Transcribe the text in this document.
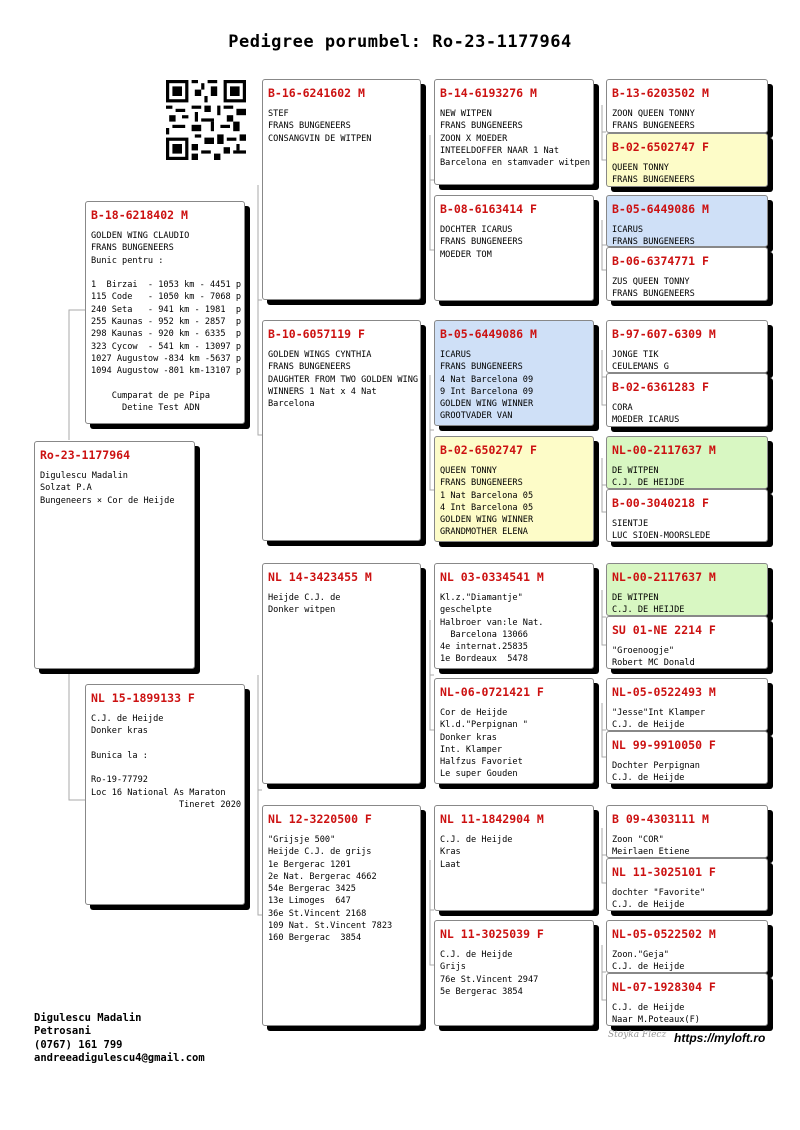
Pedigree porumbel: Ro-23-1177964
Ro-23-1177964
Digulescu Madalin
Solzat P.A
Bungeneers × Cor de Heijde
B-18-6218402 M
GOLDEN WING CLAUDIO
FRANS BUNGENEERS
Bunic pentru :

1  Birzai  - 1053 km - 4451 p
115 Code   - 1050 km - 7068 p
240 Seta   - 941 km - 1981  p
255 Kaunas - 952 km - 2857  p
298 Kaunas - 920 km - 6335  p
323 Cycow  - 541 km - 13097 p
1027 Augustow -834 km -5637 p
1094 Augustow -801 km-13107 p

Cumparat de pe Pipa
Detine Test ADN
NL 15-1899133 F
C.J. de Heijde
Donker kras

Bunica la :

Ro-19-77792
Loc 16 National As Maraton
Tineret 2020
B-16-6241602 M
STEF
FRANS BUNGENEERS
CONSANGVIN DE WITPEN
B-10-6057119 F
GOLDEN WINGS CYNTHIA
FRANS BUNGENEERS
DAUGHTER FROM TWO GOLDEN WING
WINNERS 1 Nat x 4 Nat
Barcelona
NL 14-3423455 M
Heijde C.J. de
Donker witpen
NL 12-3220500 F
"Grijsje 500"
Heijde C.J. de grijs
1e Bergerac 1201
2e Nat. Bergerac 4662
54e Bergerac 3425
13e Limoges  647
36e St.Vincent 2168
109 Nat. St.Vincent 7823
160 Bergerac  3854
B-14-6193276 M
NEW WITPEN
FRANS BUNGENEERS
ZOON X MOEDER
INTEELDOFFER NAAR 1 Nat
Barcelona en stamvader witpen
B-08-6163414 F
DOCHTER ICARUS
FRANS BUNGENEERS
MOEDER TOM
B-05-6449086 M
ICARUS
FRANS BUNGENEERS
4 Nat Barcelona 09
9 Int Barcelona 09
GOLDEN WING WINNER
GROOTVADER VAN
B-02-6502747 F
QUEEN TONNY
FRANS BUNGENEERS
1 Nat Barcelona 05
4 Int Barcelona 05
GOLDEN WING WINNER
GRANDMOTHER ELENA
NL 03-0334541 M
Kl.z."Diamantje"
geschelpte
Halbroer van:le Nat.
Barcelona 13066
4e internat.25835
1e Bordeaux  5478
NL-06-0721421 F
Cor de Heijde
Kl.d."Perpignan "
Donker kras
Int. Klamper
Halfzus Favoriet
Le super Gouden
NL 11-1842904 M
C.J. de Heijde
Kras
Laat
NL 11-3025039 F
C.J. de Heijde
Grijs
76e St.Vincent 2947
5e Bergerac 3854
B-13-6203502 M
ZOON QUEEN TONNY
FRANS BUNGENEERS
B-02-6502747 F
QUEEN TONNY
FRANS BUNGENEERS
B-05-6449086 M
ICARUS
FRANS BUNGENEERS
B-06-6374771 F
ZUS QUEEN TONNY
FRANS BUNGENEERS
B-97-607-6309 M
JONGE TIK
CEULEMANS G
B-02-6361283 F
CORA
MOEDER ICARUS
NL-00-2117637 M
DE WITPEN
C.J. DE HEIJDE
B-00-3040218 F
SIENTJE
LUC SIOEN-MOORSLEDE
NL-00-2117637 M
DE WITPEN
C.J. DE HEIJDE
SU 01-NE 2214 F
"Groenoogje"
Robert MC Donald
NL-05-0522493 M
"Jesse"Int Klamper
C.J. de Heijde
NL 99-9910050 F
Dochter Perpignan
C.J. de Heijde
B 09-4303111 M
Zoon "COR"
Meirlaen Etiene
NL 11-3025101 F
dochter "Favorite"
C.J. de Heijde
NL-05-0522502 M
Zoon."Geja"
C.J. de Heijde
NL-07-1928304 F
C.J. de Heijde
Naar M.Poteaux(F)

Digulescu Madalin
Petrosani
(0767) 161 799
andreeadigulescu4@gmail.com
Stoyka Flecz https://myloft.ro
